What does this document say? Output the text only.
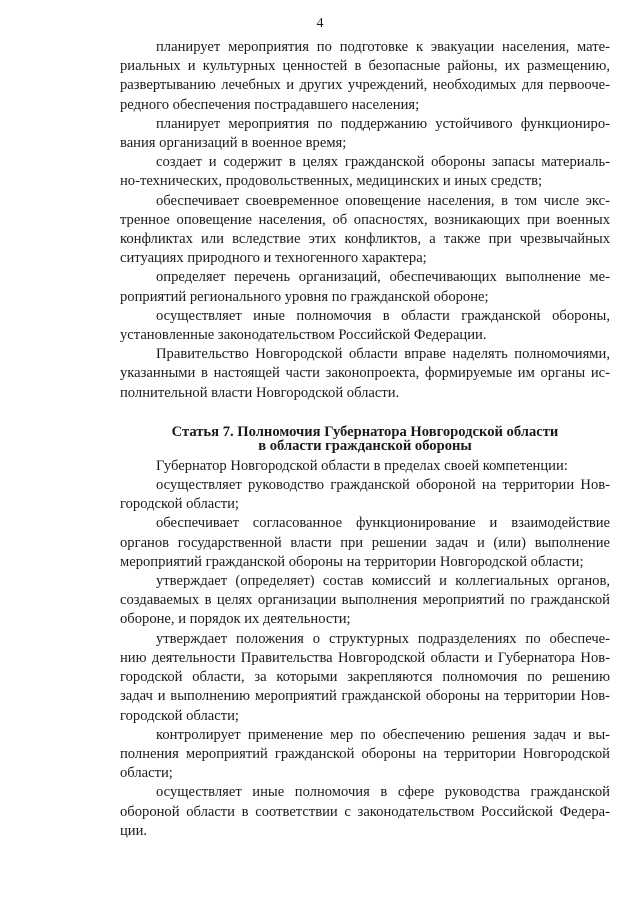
4
планирует мероприятия по подготовке к эвакуации населения, мате-
риальных и культурных ценностей в безопасные районы, их размещению,
развертыванию лечебных и других учреждений, необходимых для первооче-
редного обеспечения пострадавшего населения;
планирует мероприятия по поддержанию устойчивого функциониро-
вания организаций в военное время;
создает и содержит в целях гражданской обороны запасы материаль-
но-технических, продовольственных, медицинских и иных средств;
обеспечивает своевременное оповещение населения, в том числе экс-
тренное оповещение населения, об опасностях, возникающих при военных
конфликтах или вследствие этих конфликтов, а также при чрезвычайных
ситуациях природного и техногенного характера;
определяет перечень организаций, обеспечивающих выполнение ме-
роприятий регионального уровня по гражданской обороне;
осуществляет иные полномочия в области гражданской обороны,
установленные законодательством Российской Федерации.
Правительство Новгородской области вправе наделять полномочиями,
указанными в настоящей части законопроекта, формируемые им органы ис-
полнительной власти Новгородской области.
Статья 7. Полномочия Губернатора Новгородской области
в области гражданской обороны
Губернатор Новгородской области в пределах своей компетенции:
осуществляет руководство гражданской обороной на территории Нов-
городской области;
обеспечивает согласованное функционирование и взаимодействие
органов государственной власти при решении задач и (или) выполнение
мероприятий гражданской обороны на территории Новгородской области;
утверждает (определяет) состав комиссий и коллегиальных органов,
создаваемых в целях организации выполнения мероприятий по гражданской
обороне, и порядок их деятельности;
утверждает положения о структурных подразделениях по обеспече-
нию деятельности Правительства Новгородской области и Губернатора Нов-
городской области, за которыми закрепляются полномочия по решению
задач и выполнению мероприятий гражданской обороны на территории Нов-
городской области;
контролирует применение мер по обеспечению решения задач и вы-
полнения мероприятий гражданской обороны на территории Новгородской
области;
осуществляет иные полномочия в сфере руководства гражданской
обороной области в соответствии с законодательством Российской Федера-
ции.
